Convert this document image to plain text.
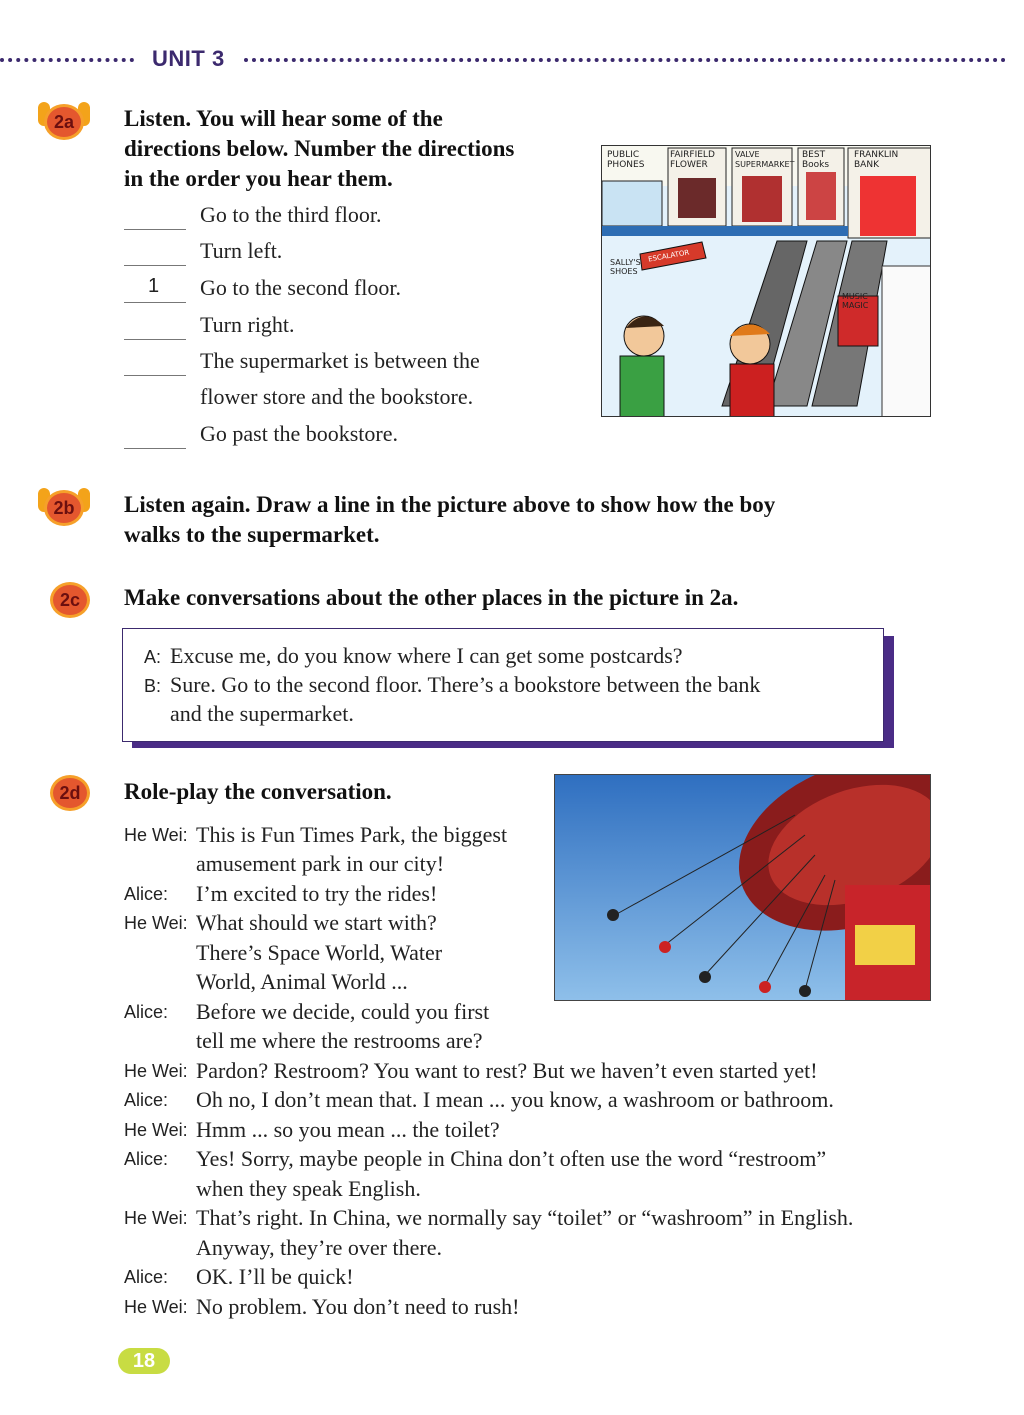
UNIT 3
2a	Listen. You will hear some of the
directions below. Number the directions
in the order you hear them.
Go to the third floor.
Turn left.
1 Go to the second floor.
Turn right.
The supermarket is between the
flower store and the bookstore.
Go past the bookstore.
PUBLIC
PHONES
FAIRFIELD
FLOWER
VALVE
SUPERMARKET
BEST
Books
FRANKLIN
BANK
ESCALATOR
SALLY'S
SHOES
MUSIC
MAGIC
2b	Listen again. Draw a line in the picture above to show how the boy
walks to the supermarket.
2c	Make conversations about the other places in the picture in 2a.
A: Excuse me, do you know where I can get some postcards?
B: Sure. Go to the second floor. There’s a bookstore between the bank
and the supermarket.
2d	Role-play the conversation.
He Wei: This is Fun Times Park, the biggest
amusement park in our city!
Alice: I’m excited to try the rides!
He Wei: What should we start with?
There’s Space World, Water
World, Animal World ...
Alice: Before we decide, could you first
tell me where the restrooms are?
He Wei: Pardon? Restroom? You want to rest? But we haven’t even started yet!
Alice: Oh no, I don’t mean that. I mean ... you know, a washroom or bathroom.
He Wei: Hmm ... so you mean ... the toilet?
Alice: Yes! Sorry, maybe people in China don’t often use the word “restroom”
when they speak English.
He Wei: That’s right. In China, we normally say “toilet” or “washroom” in English.
Anyway, they’re over there.
Alice: OK. I’ll be quick!
He Wei: No problem. You don’t need to rush!
18
